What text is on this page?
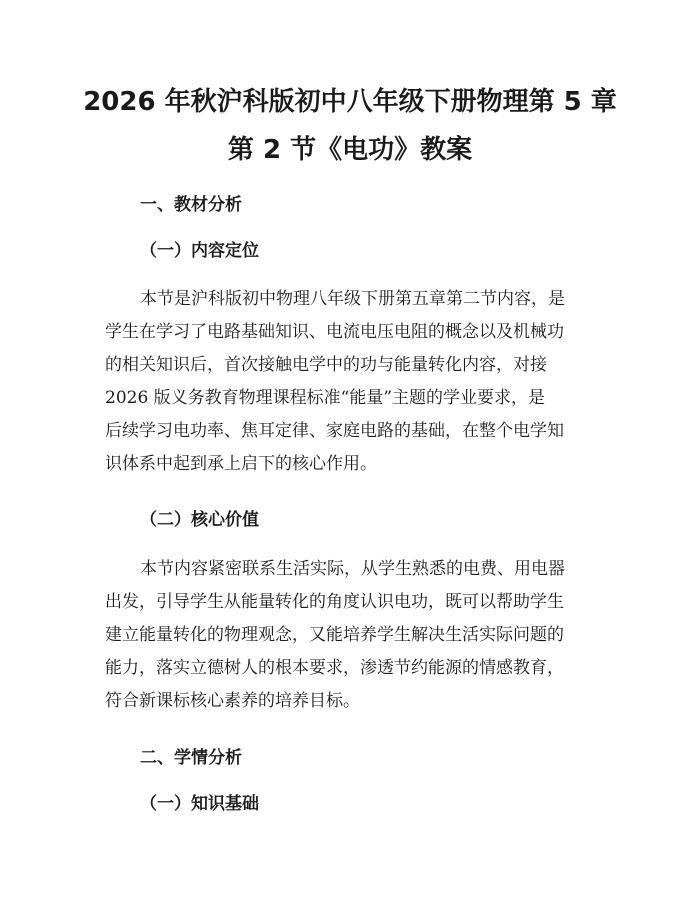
2026 年秋沪科版初中八年级下册物理第 5 章
第 2 节《电功》教案
一、教材分析
（一）内容定位
本节是沪科版初中物理八年级下册第五章第二节内容，是
学生在学习了电路基础知识、电流电压电阻的概念以及机械功
的相关知识后，首次接触电学中的功与能量转化内容，对接
2026 版义务教育物理课程标准“能量”主题的学业要求，是
后续学习电功率、焦耳定律、家庭电路的基础，在整个电学知
识体系中起到承上启下的核心作用。
（二）核心价值
本节内容紧密联系生活实际，从学生熟悉的电费、用电器
出发，引导学生从能量转化的角度认识电功，既可以帮助学生
建立能量转化的物理观念，又能培养学生解决生活实际问题的
能力，落实立德树人的根本要求，渗透节约能源的情感教育，
符合新课标核心素养的培养目标。
二、学情分析
（一）知识基础
